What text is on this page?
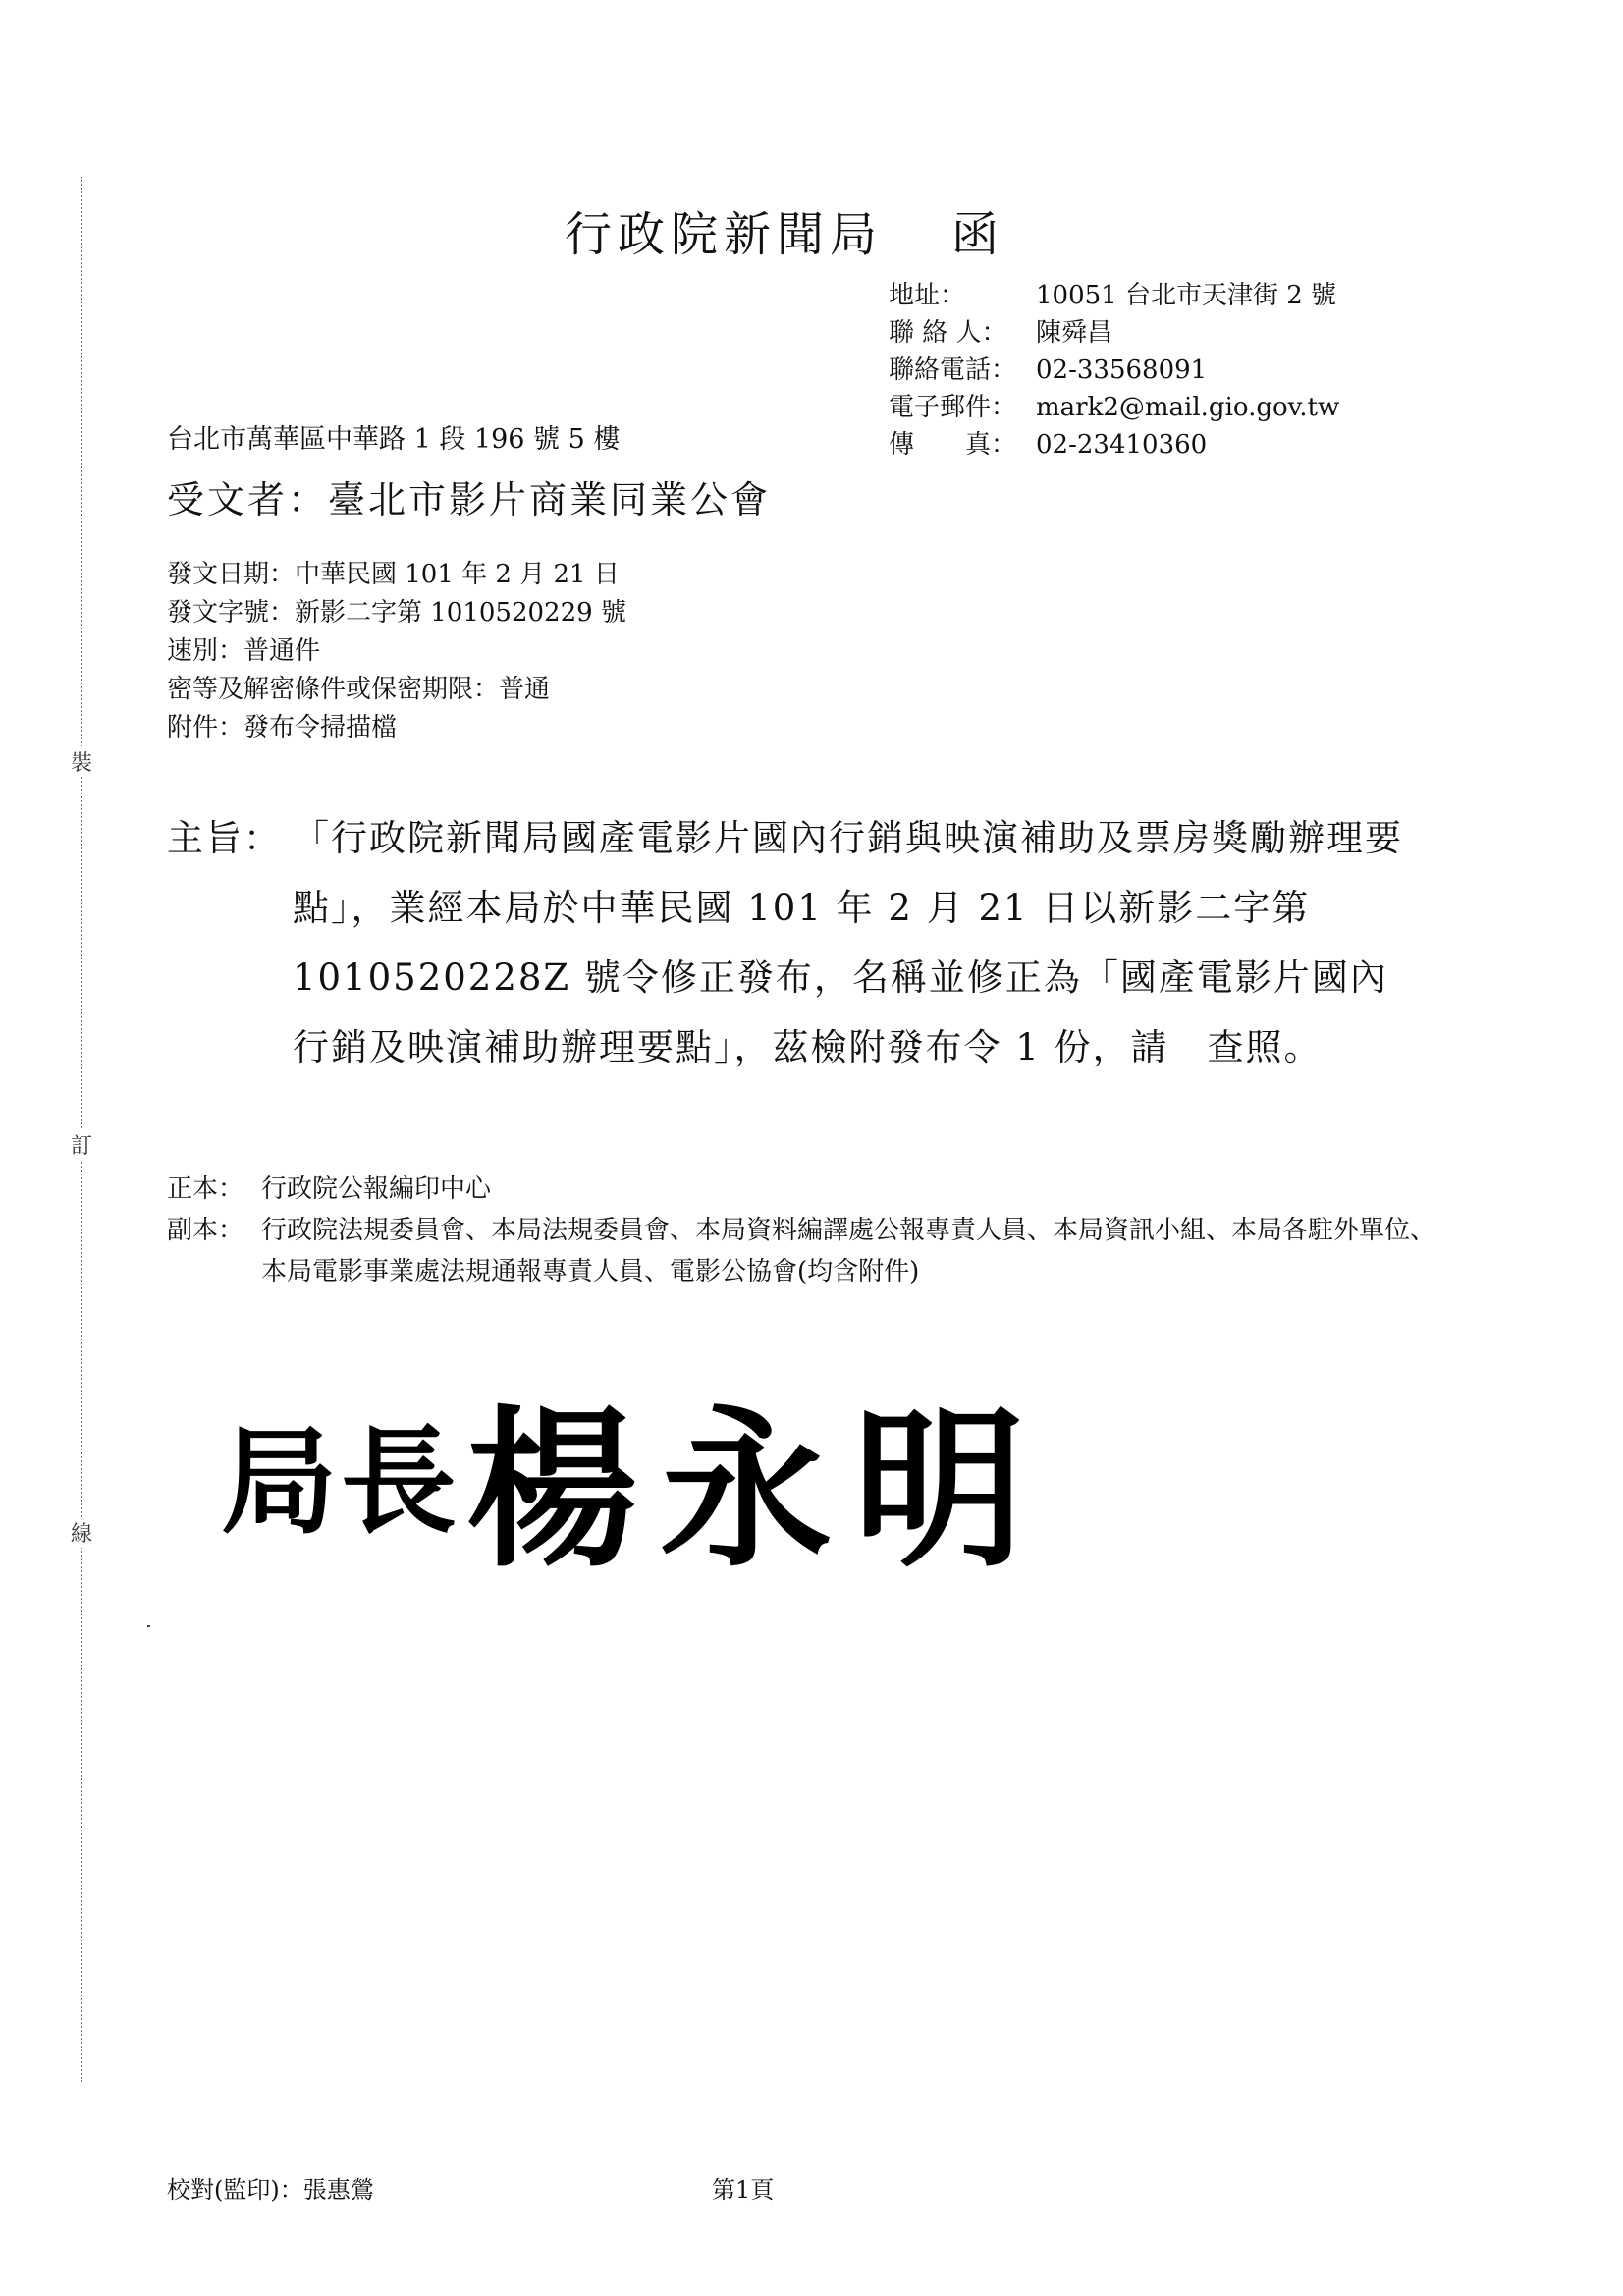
裝
訂
線
行政院新聞局 函
地址：	10051 台北市天津街 2 號
聯 絡 人： 陳舜昌
聯絡電話： 02-33568091
電子郵件： mark2@mail.gio.gov.tw
傳　　真： 02-23410360
台北市萬華區中華路 1 段 196 號 5 樓
受文者：臺北市影片商業同業公會
發文日期：中華民國 101 年 2 月 21 日
發文字號：新影二字第 1010520229 號
速別：普通件
密等及解密條件或保密期限：普通
附件：發布令掃描檔
主旨： 「行政院新聞局國產電影片國內行銷與映演補助及票房獎勵辦理要點」，業經本局於中華民國 101 年 2 月 21 日以新影二字第 1010520228Z 號令修正發布，名稱並修正為「國產電影片國內行銷及映演補助辦理要點」，茲檢附發布令 1 份，請　查照。
正本： 行政院公報編印中心
副本： 行政院法規委員會、本局法規委員會、本局資料編譯處公報專責人員、本局資訊小組、本局各駐外單位、本局電影事業處法規通報專責人員、電影公協會(均含附件)
局長 楊永明
校對(監印)：張惠鶯	第1頁
